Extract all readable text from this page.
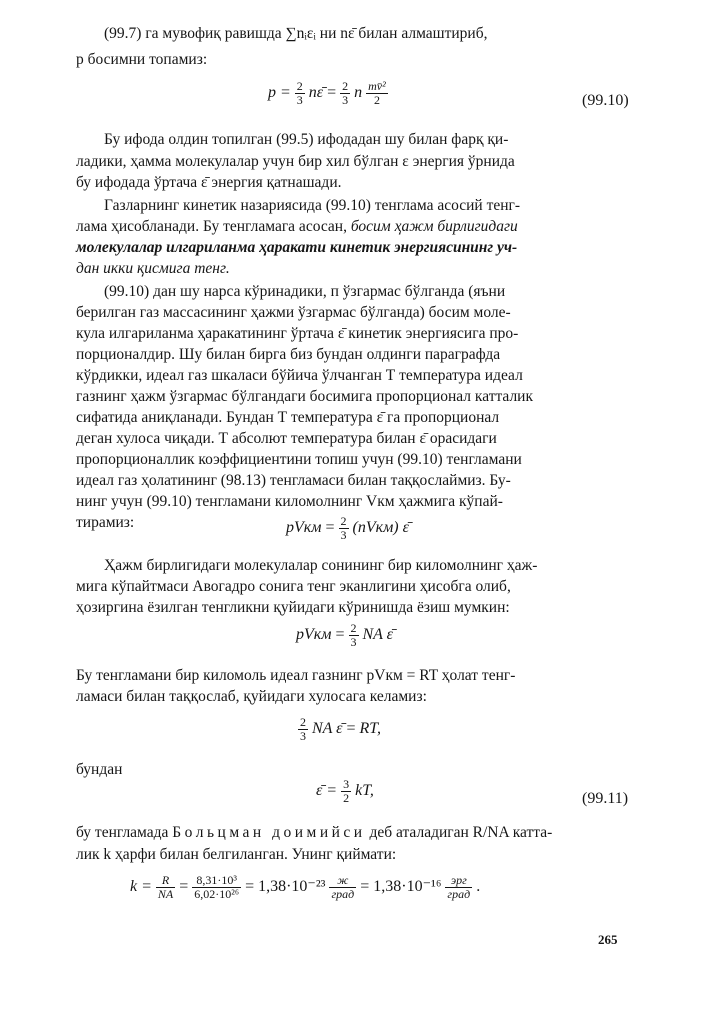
(99.7) га мувофиқ равишда ∑nᵢεᵢ ни nε̄ билан алмаштириб,
р босимни топамиз:
$p = \frac{2}{3}$ nε̄ = $\frac{2}{3}$ n $\frac{\text{mv̄²}}{2}$	(99.10)
Бу ифода олдин топилган (99.5) ифодадан шу билан фарқ қи-
ладики, ҳамма молекулалар учун бир хил бўлган ε энергия ўрнида
бу ифодада ўртача ε̄ энергия қатнашади.
Газларнинг кинетик назариясида (99.10) тенглама асосий тенг-
лама ҳисобланади. Бу тенгламага асосан, босим ҳажм бирлигидаги
молекулалар илгариланма ҳаракати кинетик энергиясининг уч-
дан икки қисмига тенг.
(99.10) дан шу нарса кўринадики, п ўзгармас бўлганда (яъни
берилган газ массасининг ҳажми ўзгармас бўлганда) босим моле-
кула илгариланма ҳаракатининг ўртача ε̄ кинетик энергиясига про-
порционалдир. Шу билан бирга биз бундан олдинги параграфда
кўрдикки, идеал газ шкаласи бўйича ўлчанган Т температура идеал
газнинг ҳажм ўзгармас бўлгандаги босимига пропорционал катталик
сифатида аниқланади. Бундан Т температура ε̄ га пропорционал
деган хулоса чиқади. Т абсолют температура билан ε̄ орасидаги
пропорционаллик коэффициентини топиш учун (99.10) тенгламани
идеал газ ҳолатининг (98.13) тенгламаси билан таққослаймиз. Бу-
нинг учун (99.10) тенгламани киломолнинг Vкм ҳажмига кўпай-
тирамиз:	pVкм = $\frac{2}{3}$ (nVкм) ε̄
Ҳажм бирлигидаги молекулалар сонининг бир киломолнинг ҳаж-
мига кўпайтмаси Авогадро сонига тенг эканлигини ҳисобга олиб,
ҳозиргина ёзилган тенгликни қуйидаги кўринишда ёзиш мумкин:
pVкм = $\frac{2}{3}$ NA ε̄
Бу тенгламани бир киломоль идеал газнинг pVкм = RT ҳолат тенг-
ламаси билан таққослаб, қуйидаги хулосага келамиз:
$\frac{2}{3}$ NA ε̄ = RT,
бундан
ε̄ = $\frac{3}{2}$ kT,	(99.11)
бу тенгламада Больцман доимийси деб аталадиган R/NA катта-
лик k ҳарфи билан белгиланган. Унинг қиймати:
$k = \frac{R}{NA} = \frac{\text{8,31·10³}}{\text{6,02·10²⁶}} = 1,38\cdot 10^{-23}$ ж
град = 1,38·10⁻¹⁶ эрг
град .
265
